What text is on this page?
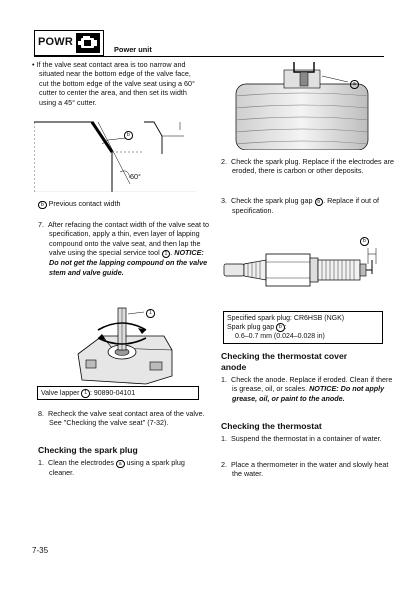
POWR
Power unit
• If the valve seat contact area is too narrow and situated near the bottom edge of the valve face, cut the bottom edge of the valve seat using a 60° cutter to center the area, and then set its width using a 45° cutter.
b
60°
b Previous contact width
7. After refacing the contact width of the valve seat to specification, apply a thin, even layer of lapping compound onto the valve seat, and then lap the valve using the special service tool 1 . NOTICE: Do not get the lapping compound on the valve stem and valve guide.
1
Valve lapper 1 : 90890-04101
8. Recheck the valve seat contact area of the valve. See "Checking the valve seat" (7-32).
Checking the spark plug
1. Clean the electrodes a using a spark plug cleaner.
a
2. Check the spark plug. Replace if the electrodes are eroded, there is carbon or other deposits.
3. Check the spark plug gap b . Replace if out of specification.
b
Specified spark plug: CR6HSB (NGK)
Spark plug gap b :
0.6–0.7 mm (0.024–0.028 in)
Checking the thermostat cover
anode
1. Check the anode. Replace if eroded. Clean if there is grease, oil, or scales. NOTICE: Do not apply grease, oil, or paint to the anode.
Checking the thermostat
1. Suspend the thermostat in a container of water.
2. Place a thermometer in the water and slowly heat the water.
7-35
